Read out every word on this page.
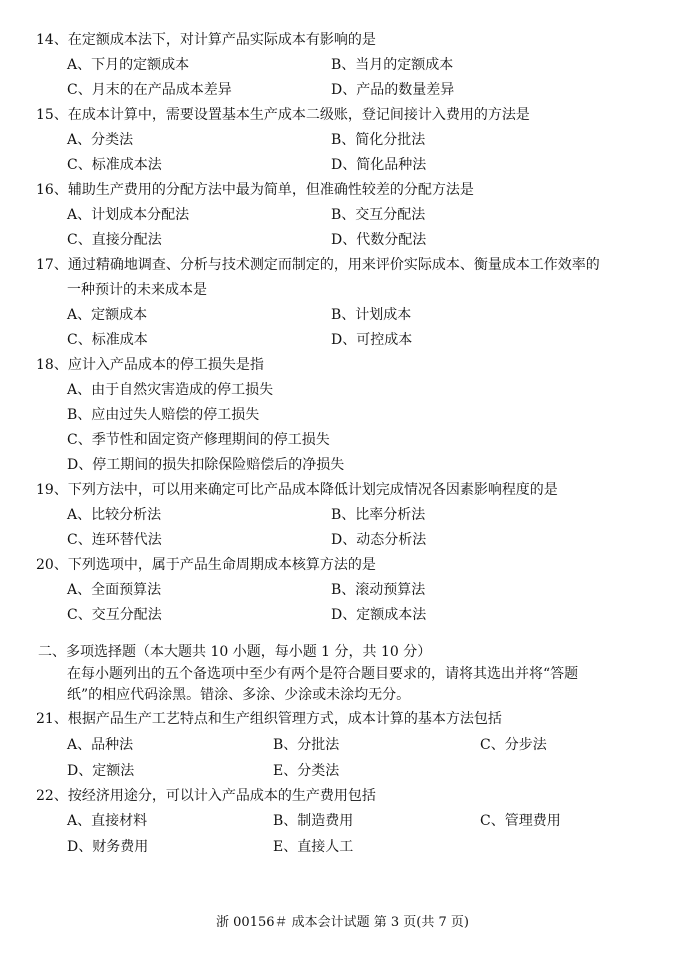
14、在定额成本法下，对计算产品实际成本有影响的是
A、下月的定额成本	B、当月的定额成本
C、月末的在产品成本差异	D、产品的数量差异
15、在成本计算中，需要设置基本生产成本二级账，登记间接计入费用的方法是
A、分类法	B、简化分批法
C、标准成本法	D、简化品种法
16、辅助生产费用的分配方法中最为简单，但准确性较差的分配方法是
A、计划成本分配法	B、交互分配法
C、直接分配法	D、代数分配法
17、通过精确地调查、分析与技术测定而制定的，用来评价实际成本、衡量成本工作效率的
一种预计的未来成本是
A、定额成本	B、计划成本
C、标准成本	D、可控成本
18、应计入产品成本的停工损失是指
A、由于自然灾害造成的停工损失
B、应由过失人赔偿的停工损失
C、季节性和固定资产修理期间的停工损失
D、停工期间的损失扣除保险赔偿后的净损失
19、下列方法中，可以用来确定可比产品成本降低计划完成情况各因素影响程度的是
A、比较分析法	B、比率分析法
C、连环替代法	D、动态分析法
20、下列选项中，属于产品生命周期成本核算方法的是
A、全面预算法	B、滚动预算法
C、交互分配法	D、定额成本法
二、多项选择题（本大题共 10 小题，每小题 1 分，共 10 分）
在每小题列出的五个备选项中至少有两个是符合题目要求的，请将其选出并将“答题
纸”的相应代码涂黑。错涂、多涂、少涂或未涂均无分。
21、根据产品生产工艺特点和生产组织管理方式，成本计算的基本方法包括
A、品种法	B、分批法	C、分步法
D、定额法	E、分类法
22、按经济用途分，可以计入产品成本的生产费用包括
A、直接材料	B、制造费用	C、管理费用
D、财务费用	E、直接人工
浙 00156＃ 成本会计试题 第 3 页(共 7 页)
